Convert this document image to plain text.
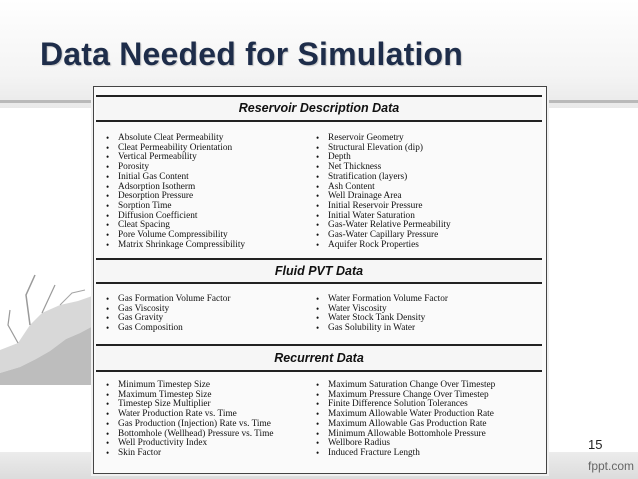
Data Needed for Simulation
Reservoir Description Data
• Absolute Cleat Permeability
• Cleat Permeability Orientation
• Vertical Permeability
• Porosity
• Initial Gas Content
• Adsorption Isotherm
• Desorption Pressure
• Sorption Time
• Diffusion Coefficient
• Cleat Spacing
• Pore Volume Compressibility
• Matrix Shrinkage Compressibility
• Reservoir Geometry
• Structural Elevation (dip)
• Depth
• Net Thickness
• Stratification (layers)
• Ash Content
• Well Drainage Area
• Initial Reservoir Pressure
• Initial Water Saturation
• Gas-Water Relative Permeability
• Gas-Water Capillary Pressure
• Aquifer Rock Properties
Fluid PVT Data
• Gas Formation Volume Factor
• Gas Viscosity
• Gas Gravity
• Gas Composition
• Water Formation Volume Factor
• Water Viscosity
• Water Stock Tank Density
• Gas Solubility in Water
Recurrent Data
• Minimum Timestep Size
• Maximum Timestep Size
• Timestep Size Multiplier
• Water Production Rate vs. Time
• Gas Production (Injection) Rate vs. Time
• Bottomhole (Wellhead) Pressure vs. Time
• Well Productivity Index
• Skin Factor
• Maximum Saturation Change Over Timestep
• Maximum Pressure Change Over Timestep
• Finite Difference Solution Tolerances
• Maximum Allowable Water Production Rate
• Maximum Allowable Gas Production Rate
• Minimum Allowable Bottomhole Pressure
• Wellbore Radius
• Induced Fracture Length
15
fppt.com
